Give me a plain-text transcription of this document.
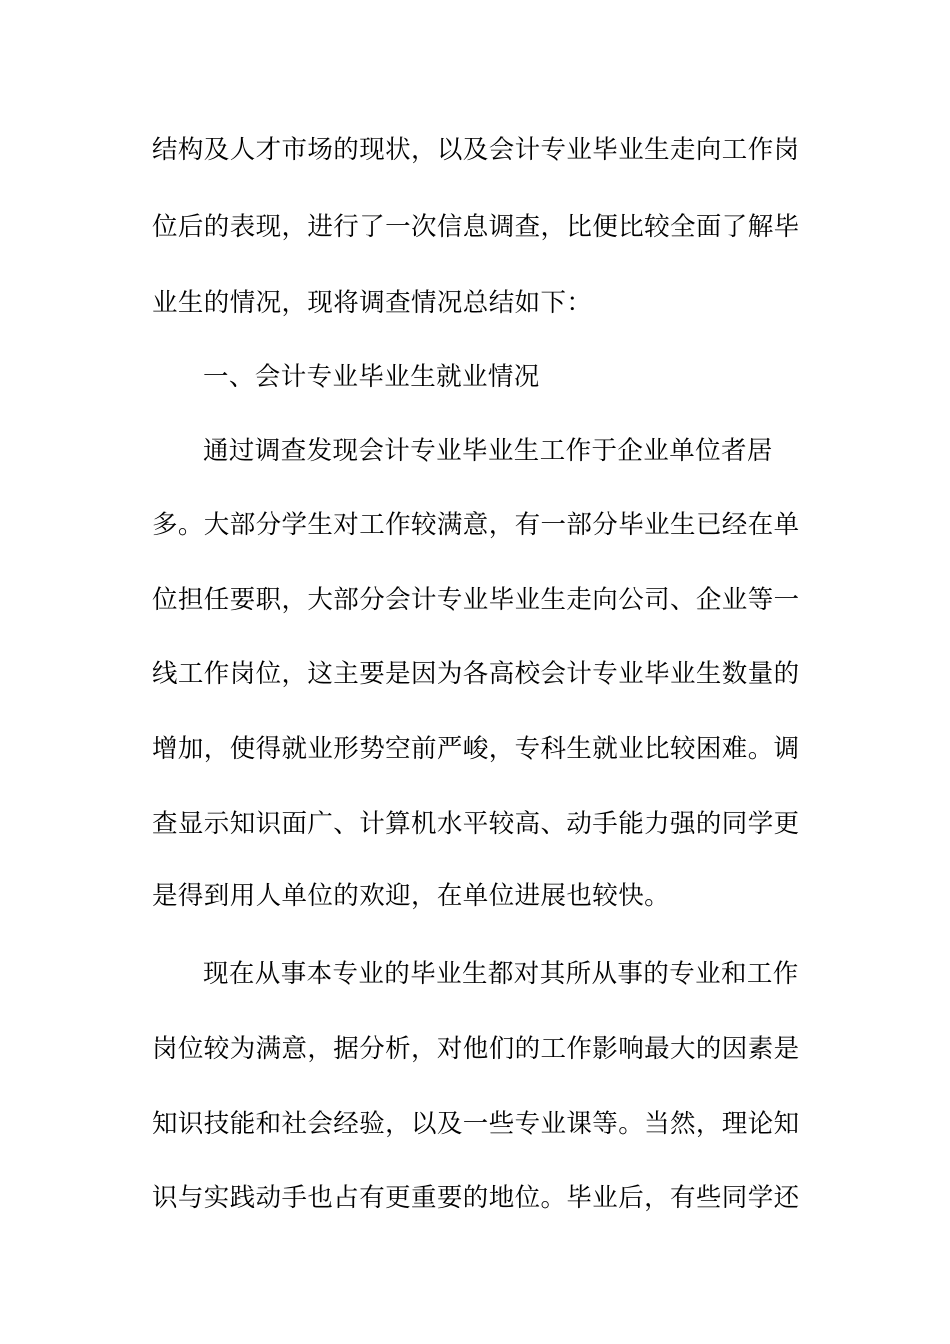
结构及人才市场的现状，以及会计专业毕业生走向工作岗
位后的表现，进行了一次信息调查，比便比较全面了解毕
业生的情况，现将调查情况总结如下：
一、会计专业毕业生就业情况
通过调查发现会计专业毕业生工作于企业单位者居
多。大部分学生对工作较满意，有一部分毕业生已经在单
位担任要职，大部分会计专业毕业生走向公司、企业等一
线工作岗位，这主要是因为各高校会计专业毕业生数量的
增加，使得就业形势空前严峻，专科生就业比较困难。调
查显示知识面广、计算机水平较高、动手能力强的同学更
是得到用人单位的欢迎，在单位进展也较快。
现在从事本专业的毕业生都对其所从事的专业和工作
岗位较为满意，据分析，对他们的工作影响最大的因素是
知识技能和社会经验，以及一些专业课等。当然，理论知
识与实践动手也占有更重要的地位。毕业后，有些同学还
